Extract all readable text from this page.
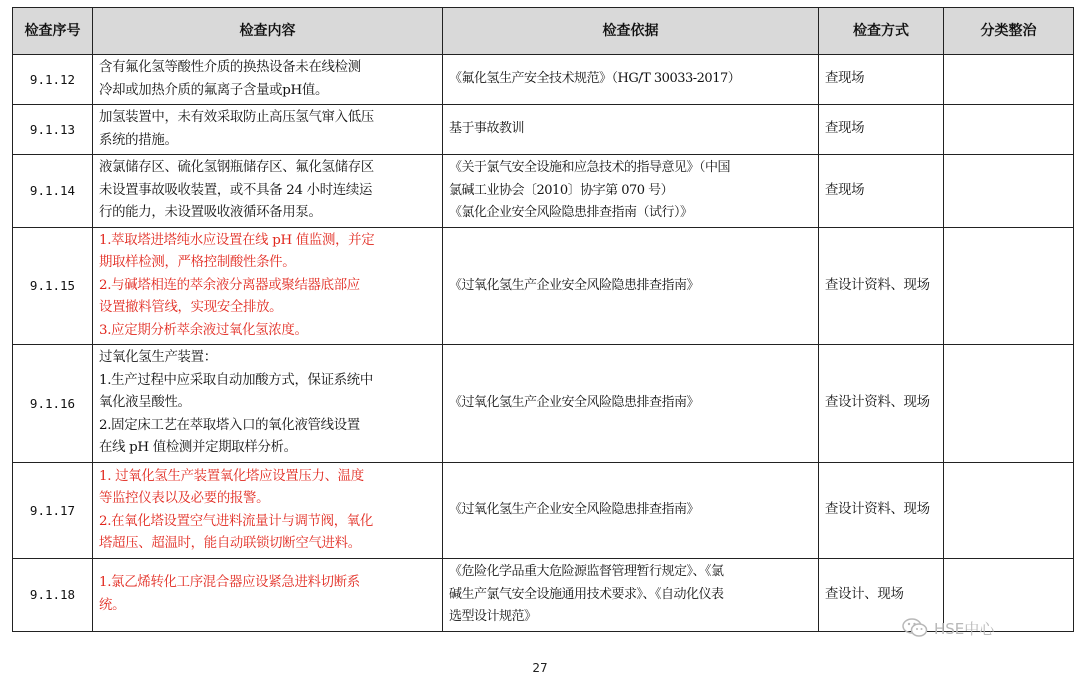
检查序号	检查内容	检查依据	检查方式	分类整治
9.1.12	含有氟化氢等酸性介质的换热设备未在线检测
冷却或加热介质的氟离子含量或pH值。	《氟化氢生产安全技术规范》（HG/T 30033-2017）	查现场	
9.1.13	加氢装置中，未有效采取防止高压氢气窜入低压
系统的措施。	基于事故教训	查现场	
9.1.14	液氯储存区、硫化氢钢瓶储存区、氟化氢储存区
未设置事故吸收装置，或不具备 24 小时连续运
行的能力，未设置吸收液循环备用泵。	《关于氯气安全设施和应急技术的指导意见》（中国
氯碱工业协会〔2010〕协字第 070 号）
《氯化企业安全风险隐患排查指南（试行）》	查现场	
9.1.15	1.萃取塔进塔纯水应设置在线 pH 值监测，并定
期取样检测，严格控制酸性条件。
2.与碱塔相连的萃余液分离器或聚结器底部应
设置撤料管线，实现安全排放。
3.应定期分析萃余液过氧化氢浓度。	《过氧化氢生产企业安全风险隐患排查指南》	查设计资料、现场	
9.1.16	过氧化氢生产装置：
1.生产过程中应采取自动加酸方式，保证系统中
氧化液呈酸性。
2.固定床工艺在萃取塔入口的氧化液管线设置
在线 pH 值检测并定期取样分析。	《过氧化氢生产企业安全风险隐患排查指南》	查设计资料、现场	
9.1.17	1. 过氧化氢生产装置氧化塔应设置压力、温度
等监控仪表以及必要的报警。
2.在氧化塔设置空气进料流量计与调节阀，氧化
塔超压、超温时，能自动联锁切断空气进料。	《过氧化氢生产企业安全风险隐患排查指南》	查设计资料、现场	
9.1.18	1.氯乙烯转化工序混合器应设紧急进料切断系
统。	《危险化学品重大危险源监督管理暂行规定》、《氯
碱生产氯气安全设施通用技术要求》、《自动化仪表
选型设计规范》	查设计、现场	
HSE中心
27
